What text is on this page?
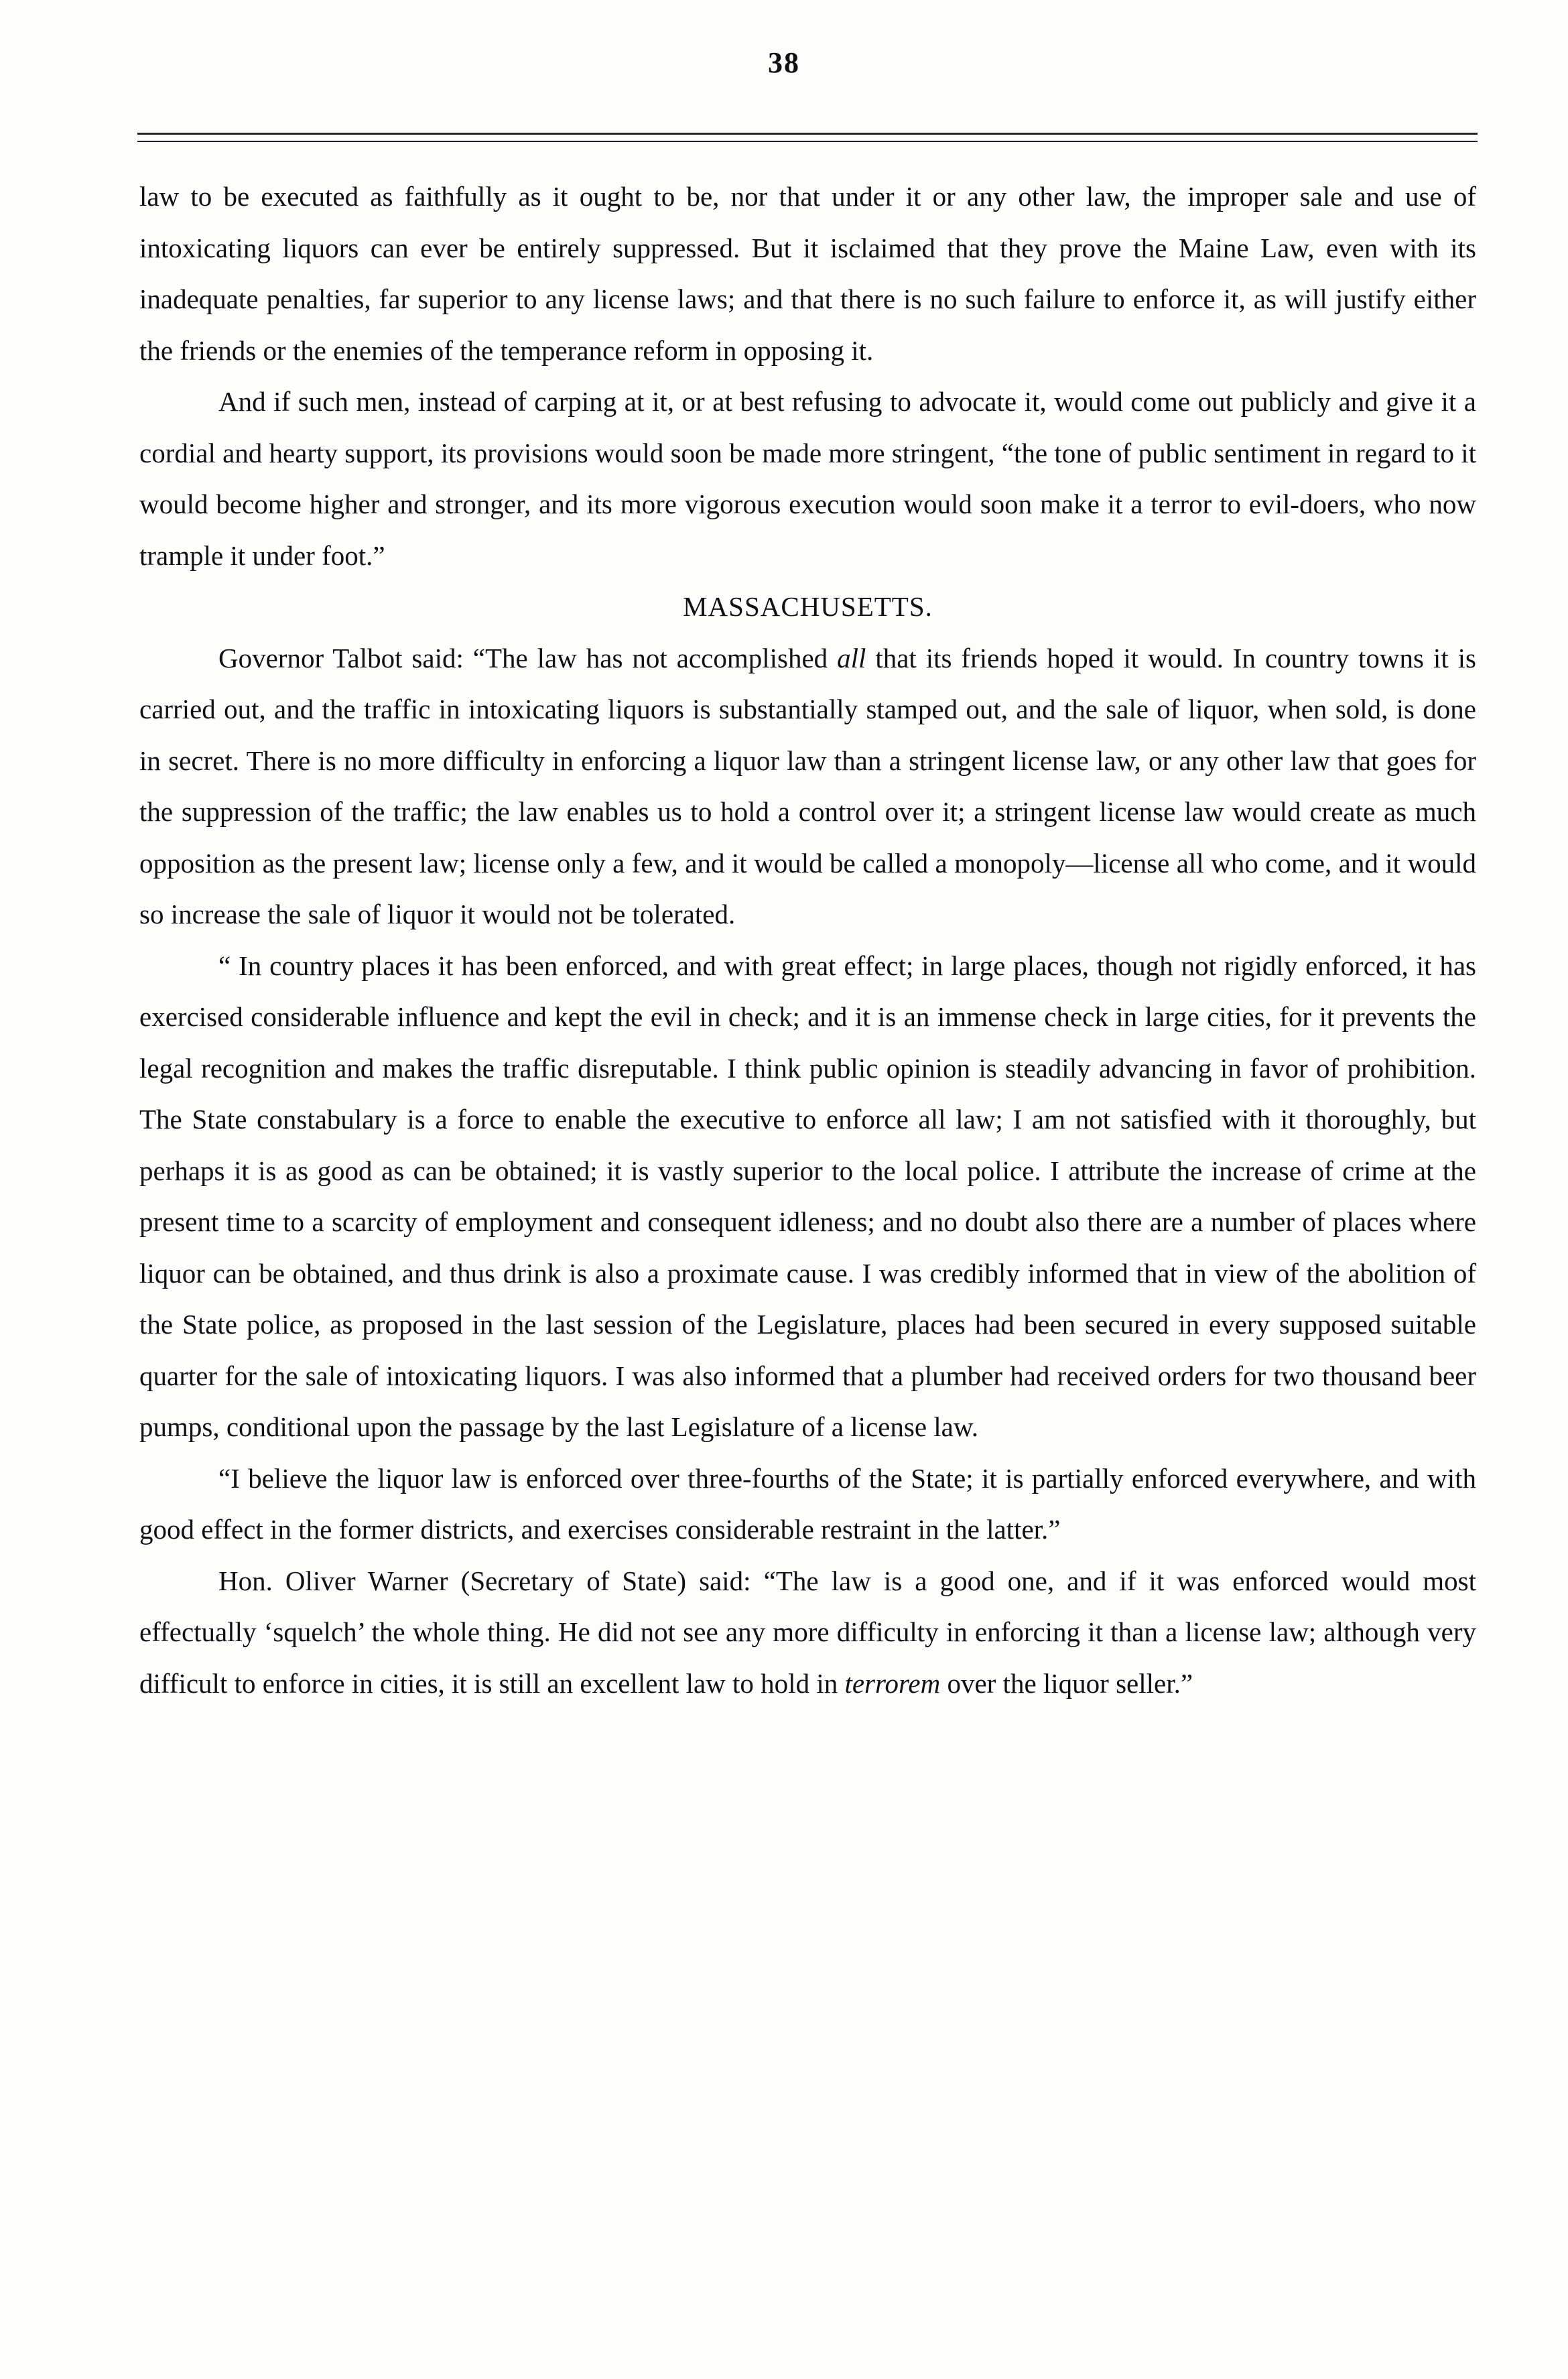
38

law to be executed as faithfully as it ought to be, nor that under it or any other law, the improper sale and use of intoxicating liquors can ever be entirely suppressed. But it isclaimed that they prove the Maine Law, even with its inadequate penalties, far superior to any license laws; and that there is no such failure to enforce it, as will justify either the friends or the enemies of the temperance reform in opposing it.

And if such men, instead of carping at it, or at best refusing to advocate it, would come out publicly and give it a cordial and hearty support, its provisions would soon be made more stringent, “the tone of public sentiment in regard to it would become higher and stronger, and its more vigorous execution would soon make it a terror to evil-doers, who now trample it under foot.”

MASSACHUSETTS.

Governor Talbot said: “The law has not accomplished all that its friends hoped it would. In country towns it is carried out, and the traffic in intoxicating liquors is substantially stamped out, and the sale of liquor, when sold, is done in secret. There is no more difficulty in enforcing a liquor law than a stringent license law, or any other law that goes for the suppression of the traffic; the law enables us to hold a control over it; a stringent license law would create as much opposition as the present law; license only a few, and it would be called a monopoly—license all who come, and it would so increase the sale of liquor it would not be tolerated.

“ In country places it has been enforced, and with great effect; in large places, though not rigidly enforced, it has exercised considerable influence and kept the evil in check; and it is an immense check in large cities, for it prevents the legal recognition and makes the traffic disreputable. I think public opinion is steadily advancing in favor of prohibition. The State constabulary is a force to enable the executive to enforce all law; I am not satisfied with it thoroughly, but perhaps it is as good as can be obtained; it is vastly superior to the local police. I attribute the increase of crime at the present time to a scarcity of employment and consequent idleness; and no doubt also there are a number of places where liquor can be obtained, and thus drink is also a proximate cause. I was credibly informed that in view of the abolition of the State police, as proposed in the last session of the Legislature, places had been secured in every supposed suitable quarter for the sale of intoxicating liquors. I was also informed that a plumber had received orders for two thousand beer pumps, conditional upon the passage by the last Legislature of a license law.

“I believe the liquor law is enforced over three-fourths of the State; it is partially enforced everywhere, and with good effect in the former districts, and exercises considerable restraint in the latter.”

Hon. Oliver Warner (Secretary of State) said: “The law is a good one, and if it was enforced would most effectually ‘squelch’ the whole thing. He did not see any more difficulty in enforcing it than a license law; although very difficult to enforce in cities, it is still an excellent law to hold in terrorem over the liquor seller.”
